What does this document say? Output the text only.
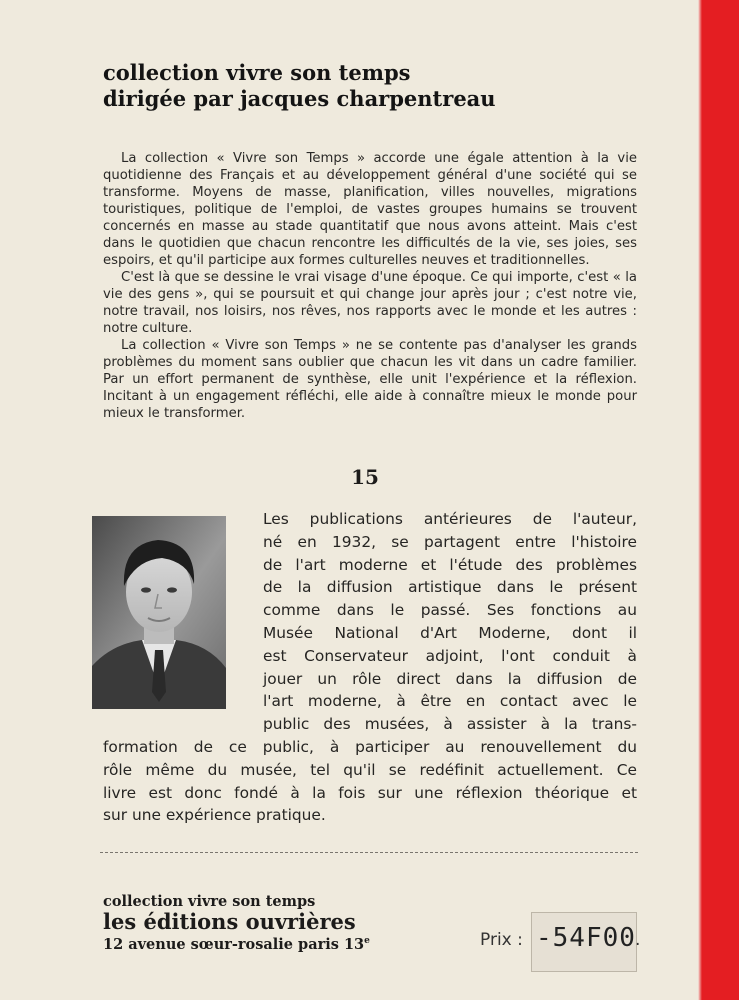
collection vivre son temps
dirigée par jacques charpentreau

La collection « Vivre son Temps » accorde une égale attention à la vie quotidienne des Français et au développement général d'une société qui se transforme. Moyens de masse, planification, villes nouvelles, migrations touristiques, politique de l'emploi, de vastes groupes humains se trouvent concernés en masse au stade quantitatif que nous avons atteint. Mais c'est dans le quotidien que chacun rencontre les difficultés de la vie, ses joies, ses espoirs, et qu'il participe aux formes culturelles neuves et traditionnelles.

C'est là que se dessine le vrai visage d'une époque. Ce qui importe, c'est « la vie des gens », qui se poursuit et qui change jour après jour ; c'est notre vie, notre travail, nos loisirs, nos rêves, nos rapports avec le monde et les autres : notre culture.

La collection « Vivre son Temps » ne se contente pas d'analyser les grands problèmes du moment sans oublier que chacun les vit dans un cadre familier. Par un effort permanent de synthèse, elle unit l'expérience et la réflexion. Incitant à un engagement réfléchi, elle aide à connaître mieux le monde pour mieux le transformer.

15
Les publications antérieures de l'auteur,
né en 1932, se partagent entre l'histoire
de l'art moderne et l'étude des problèmes
de la diffusion artistique dans le présent
comme dans le passé. Ses fonctions au
Musée National d'Art Moderne, dont il
est Conservateur adjoint, l'ont conduit à
jouer un rôle direct dans la diffusion de
l'art moderne, à être en contact avec le
public des musées, à assister à la trans-
formation de ce public, à participer au renouvellement du
rôle même du musée, tel qu'il se redéfinit actuellement. Ce
livre est donc fondé à la fois sur une réflexion théorique et
sur une expérience pratique.
collection vivre son temps
les éditions ouvrières
12 avenue sœur-rosalie paris 13e	Prix : -54F00 .
